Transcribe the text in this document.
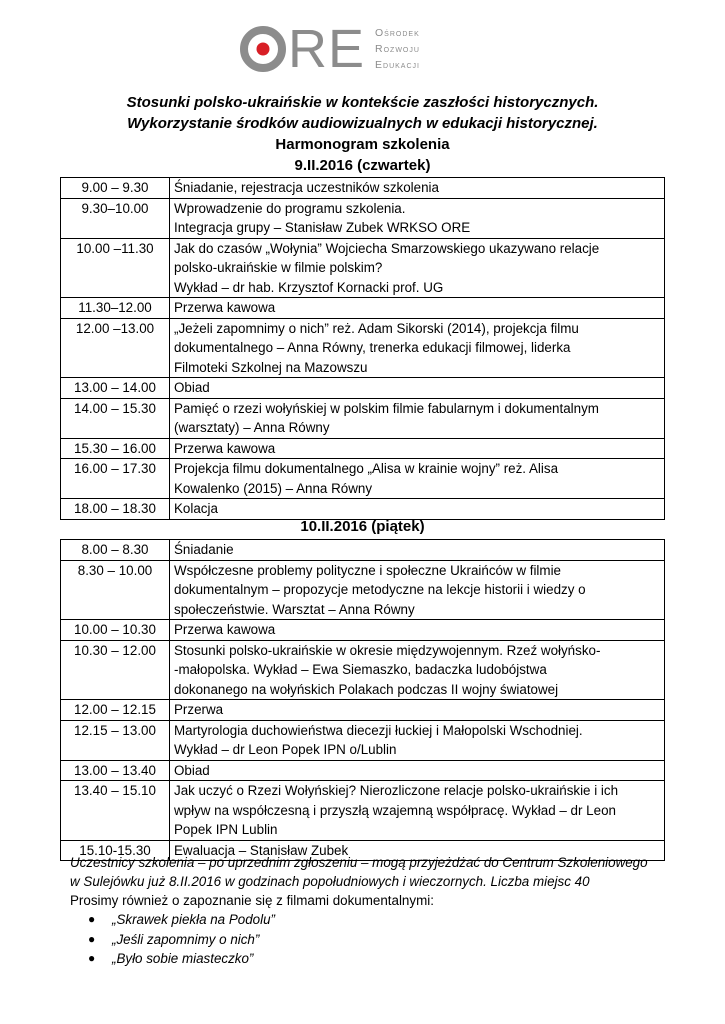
RE Ośrodek
Rozwoju
Edukacji
Stosunki polsko-ukraińskie w kontekście zaszłości historycznych.
Wykorzystanie środków audiowizualnych w edukacji historycznej.
Harmonogram szkolenia
9.II.2016 (czwartek)
9.00 – 9.30	Śniadanie, rejestracja uczestników szkolenia

9.30–10.00	Wprowadzenie do programu szkolenia.
Integracja grupy – Stanisław Zubek WRKSO ORE

10.00 –11.30	Jak do czasów „Wołynia” Wojciecha Smarzowskiego ukazywano relacje
polsko-ukraińskie w filmie polskim?
Wykład – dr hab. Krzysztof Kornacki prof. UG

11.30–12.00	Przerwa kawowa

12.00 –13.00	„Jeżeli zapomnimy o nich” reż. Adam Sikorski (2014), projekcja filmu
dokumentalnego – Anna Równy, trenerka edukacji filmowej, liderka
Filmoteki Szkolnej na Mazowszu

13.00 – 14.00	Obiad

14.00 – 15.30	Pamięć o rzezi wołyńskiej w polskim filmie fabularnym i dokumentalnym
(warsztaty) – Anna Równy

15.30 – 16.00	Przerwa kawowa

16.00 – 17.30	Projekcja filmu dokumentalnego „Alisa w krainie wojny” reż. Alisa
Kowalenko (2015) – Anna Równy

18.00 – 18.30	Kolacja
10.II.2016 (piątek)
8.00 – 8.30	Śniadanie

8.30 – 10.00	Współczesne problemy polityczne i społeczne Ukraińców w filmie
dokumentalnym – propozycje metodyczne na lekcje historii i wiedzy o
społeczeństwie. Warsztat – Anna Równy

10.00 – 10.30	Przerwa kawowa

10.30 – 12.00	Stosunki polsko-ukraińskie w okresie międzywojennym. Rzeź wołyńsko-
-małopolska. Wykład – Ewa Siemaszko, badaczka ludobójstwa
dokonanego na wołyńskich Polakach podczas II wojny światowej

12.00 – 12.15	Przerwa

12.15 – 13.00	Martyrologia duchowieństwa diecezji łuckiej i Małopolski Wschodniej.
Wykład – dr Leon Popek IPN o/Lublin

13.00 – 13.40	Obiad

13.40 – 15.10	Jak uczyć o Rzezi Wołyńskiej? Nierozliczone relacje polsko-ukraińskie i ich
wpływ na współczesną i przyszłą wzajemną współpracę. Wykład – dr Leon
Popek IPN Lublin

15.10-15.30	Ewaluacja – Stanisław Zubek
Uczestnicy szkolenia – po uprzednim zgłoszeniu – mogą przyjeżdżać do Centrum Szkoleniowego
w Sulejówku już 8.II.2016 w godzinach popołudniowych i wieczornych. Liczba miejsc 40
Prosimy również o zapoznanie się z filmami dokumentalnymi:
● „Skrawek piekła na Podolu”
● „Jeśli zapomnimy o nich”
● „Było sobie miasteczko”
